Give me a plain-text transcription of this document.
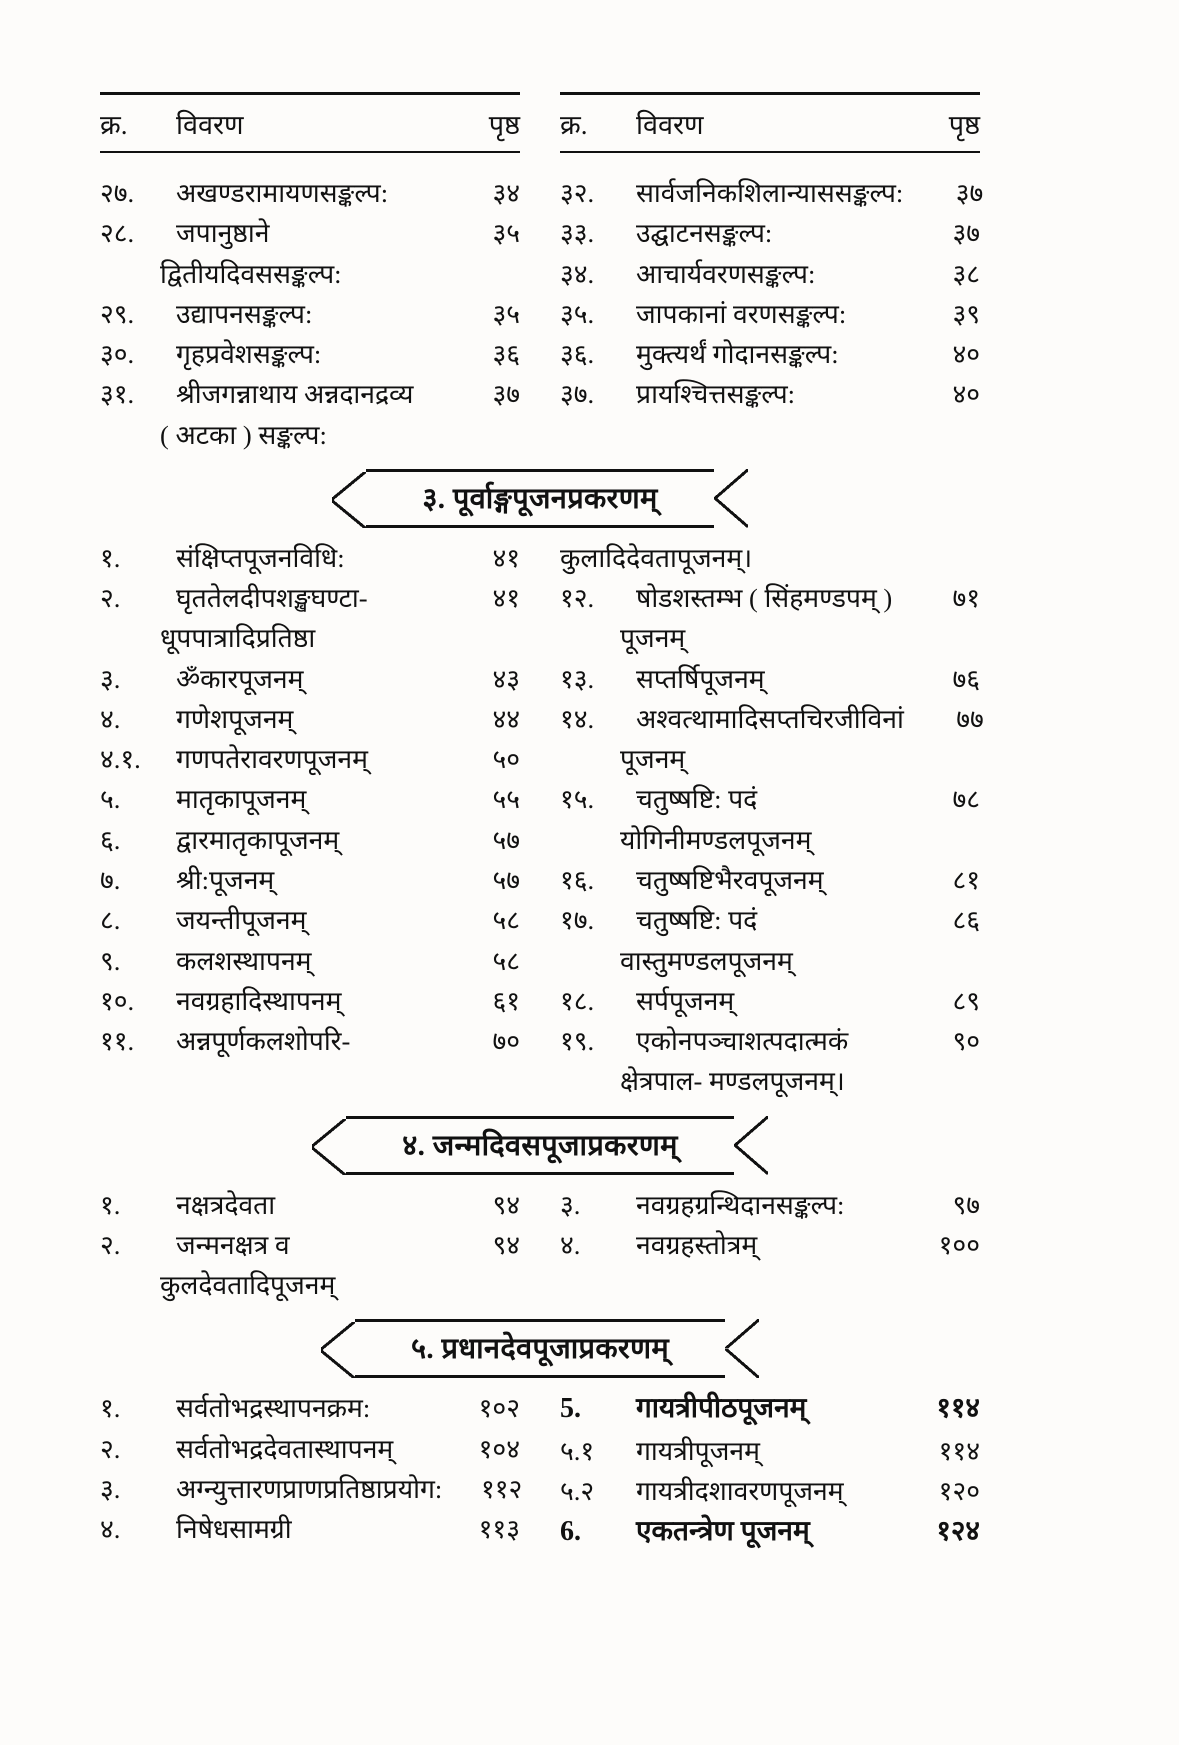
क्र.	विवरण	पृष्ठ क्र.	विवरण	पृष्ठ
२७.	अखण्डरामायणसङ्कल्प:	३४
२८.	जपानुष्ठाने	३५
द्वितीयदिवससङ्कल्प:
२९.	उद्यापनसङ्कल्प:	३५
३०.	गृहप्रवेशसङ्कल्प:	३६
३१.	श्रीजगन्नाथाय अन्नदानद्रव्य	३७
( अटका ) सङ्कल्प:
३२.	सार्वजनिकशिलान्याससङ्कल्प:	३७
३३.	उद्घाटनसङ्कल्प:	३७
३४.	आचार्यवरणसङ्कल्प:	३८
३५.	जापकानां वरणसङ्कल्प:	३९
३६.	मुक्त्यर्थं गोदानसङ्कल्प:	४०
३७.	प्रायश्चित्तसङ्कल्प:	४०
३. पूर्वाङ्गपूजनप्रकरणम्
१.	संक्षिप्तपूजनविधि:	४१
२.	घृततेलदीपशङ्खघण्टा-	४१
धूपपात्रादिप्रतिष्ठा
३.	ॐकारपूजनम्	४३
४.	गणेशपूजनम्	४४
४.१.	गणपतेरावरणपूजनम्	५०
५.	मातृकापूजनम्	५५
६.	द्वारमातृकापूजनम्	५७
७.	श्री:पूजनम्	५७
८.	जयन्तीपूजनम्	५८
९.	कलशस्थापनम्	५८
१०.	नवग्रहादिस्थापनम्	६१
११.	अन्नपूर्णकलशोपरि-	७०
कुलादिदेवतापूजनम्।
१२.	षोडशस्तम्भ ( सिंहमण्डपम् )	७१
पूजनम्
१३.	सप्तर्षिपूजनम्	७६
१४.	अश्वत्थामादिसप्तचिरजीविनां	७७
पूजनम्
१५.	चतुष्षष्टि: पदं	७८
योगिनीमण्डलपूजनम्
१६.	चतुष्षष्टिभैरवपूजनम्	८१
१७.	चतुष्षष्टि: पदं	८६
वास्तुमण्डलपूजनम्
१८.	सर्पपूजनम्	८९
१९.	एकोनपञ्चाशत्पदात्मकं	९०
क्षेत्रपाल- मण्डलपूजनम्।
४. जन्मदिवसपूजाप्रकरणम्
१.	नक्षत्रदेवता	९४
२.	जन्मनक्षत्र व	९४
कुलदेवतादिपूजनम्
३.	नवग्रहग्रन्थिदानसङ्कल्प:	९७
४.	नवग्रहस्तोत्रम्	१००
५. प्रधानदेवपूजाप्रकरणम्
१.	सर्वतोभद्रस्थापनक्रम:	१०२
२.	सर्वतोभद्रदेवतास्थापनम्	१०४
३.	अग्न्युत्तारणप्राणप्रतिष्ठाप्रयोग:	११२
४.	निषेधसामग्री	११३
5.	गायत्रीपीठपूजनम्	११४
५.१	गायत्रीपूजनम्	११४
५.२	गायत्रीदशावरणपूजनम्	१२०
6.	एकतन्त्रेण पूजनम्	१२४
